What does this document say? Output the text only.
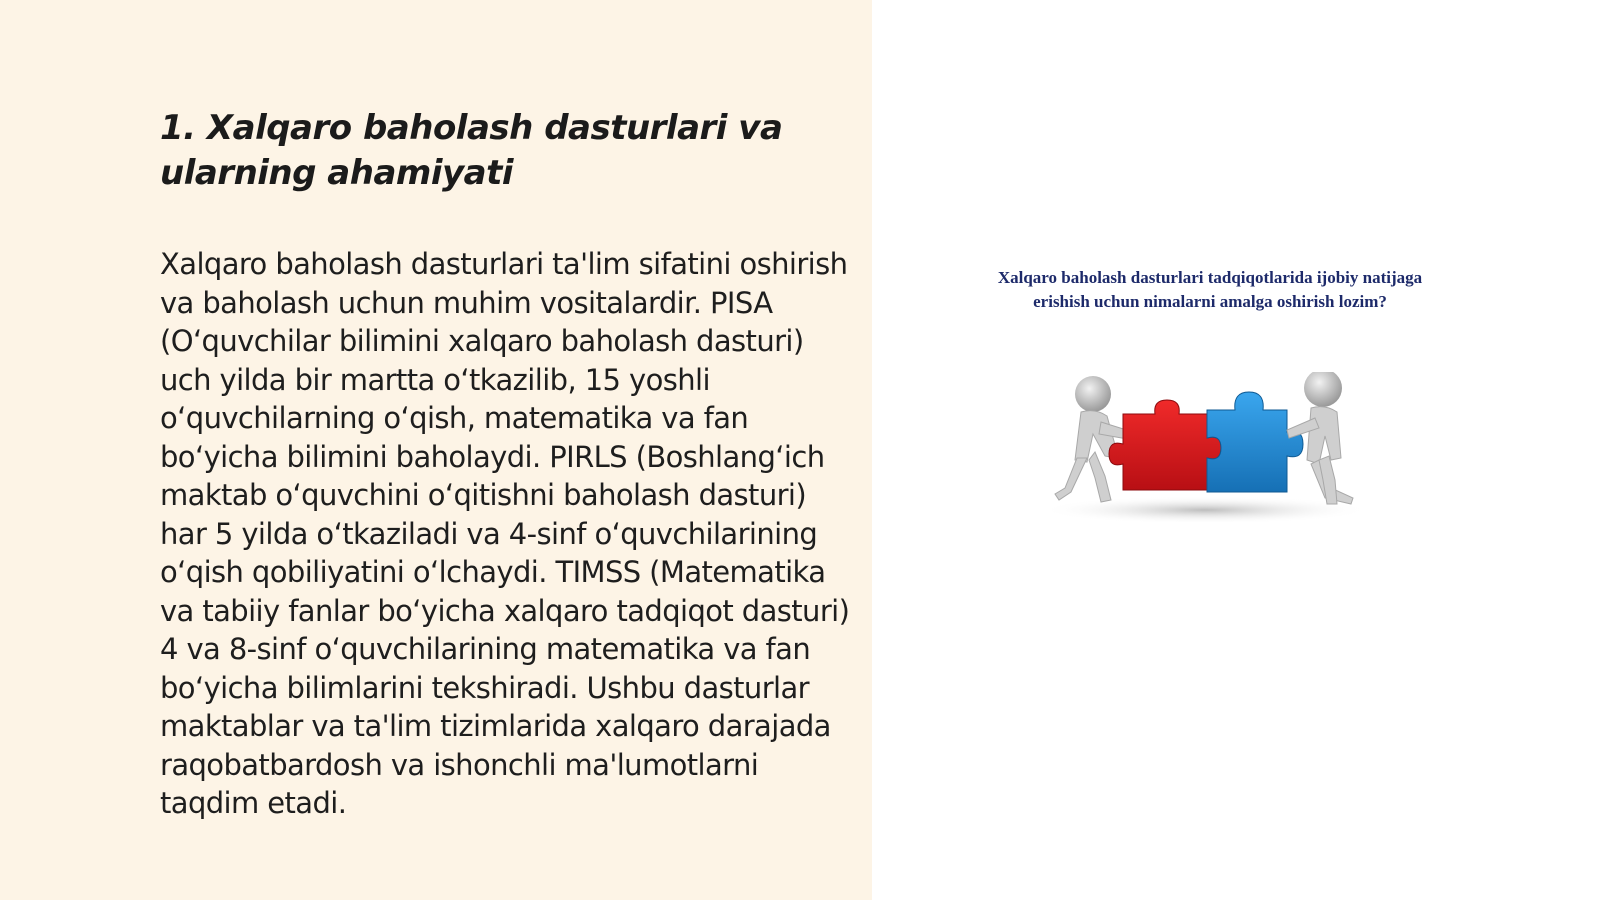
1. Xalqaro baholash dasturlari va ularning ahamiyati

Xalqaro baholash dasturlari ta'lim sifatini oshirish va baholash uchun muhim vositalardir. PISA (O‘quvchilar bilimini xalqaro baholash dasturi) uch yilda bir martta o‘tkazilib, 15 yoshli o‘quvchilarning o‘qish, matematika va fan bo‘yicha bilimini baholaydi. PIRLS (Boshlang‘ich maktab o‘quvchini o‘qitishni baholash dasturi) har 5 yilda o‘tkaziladi va 4-sinf o‘quvchilarining o‘qish qobiliyatini o‘lchaydi. TIMSS (Matematika va tabiiy fanlar bo‘yicha xalqaro tadqiqot dasturi) 4 va 8-sinf o‘quvchilarining matematika va fan bo‘yicha bilimlarini tekshiradi. Ushbu dasturlar maktablar va ta'lim tizimlarida xalqaro darajada raqobatbardosh va ishonchli ma'lumotlarni taqdim etadi.

Xalqaro baholash dasturlari tadqiqotlarida ijobiy natijaga erishish uchun nimalarni amalga oshirish lozim?
